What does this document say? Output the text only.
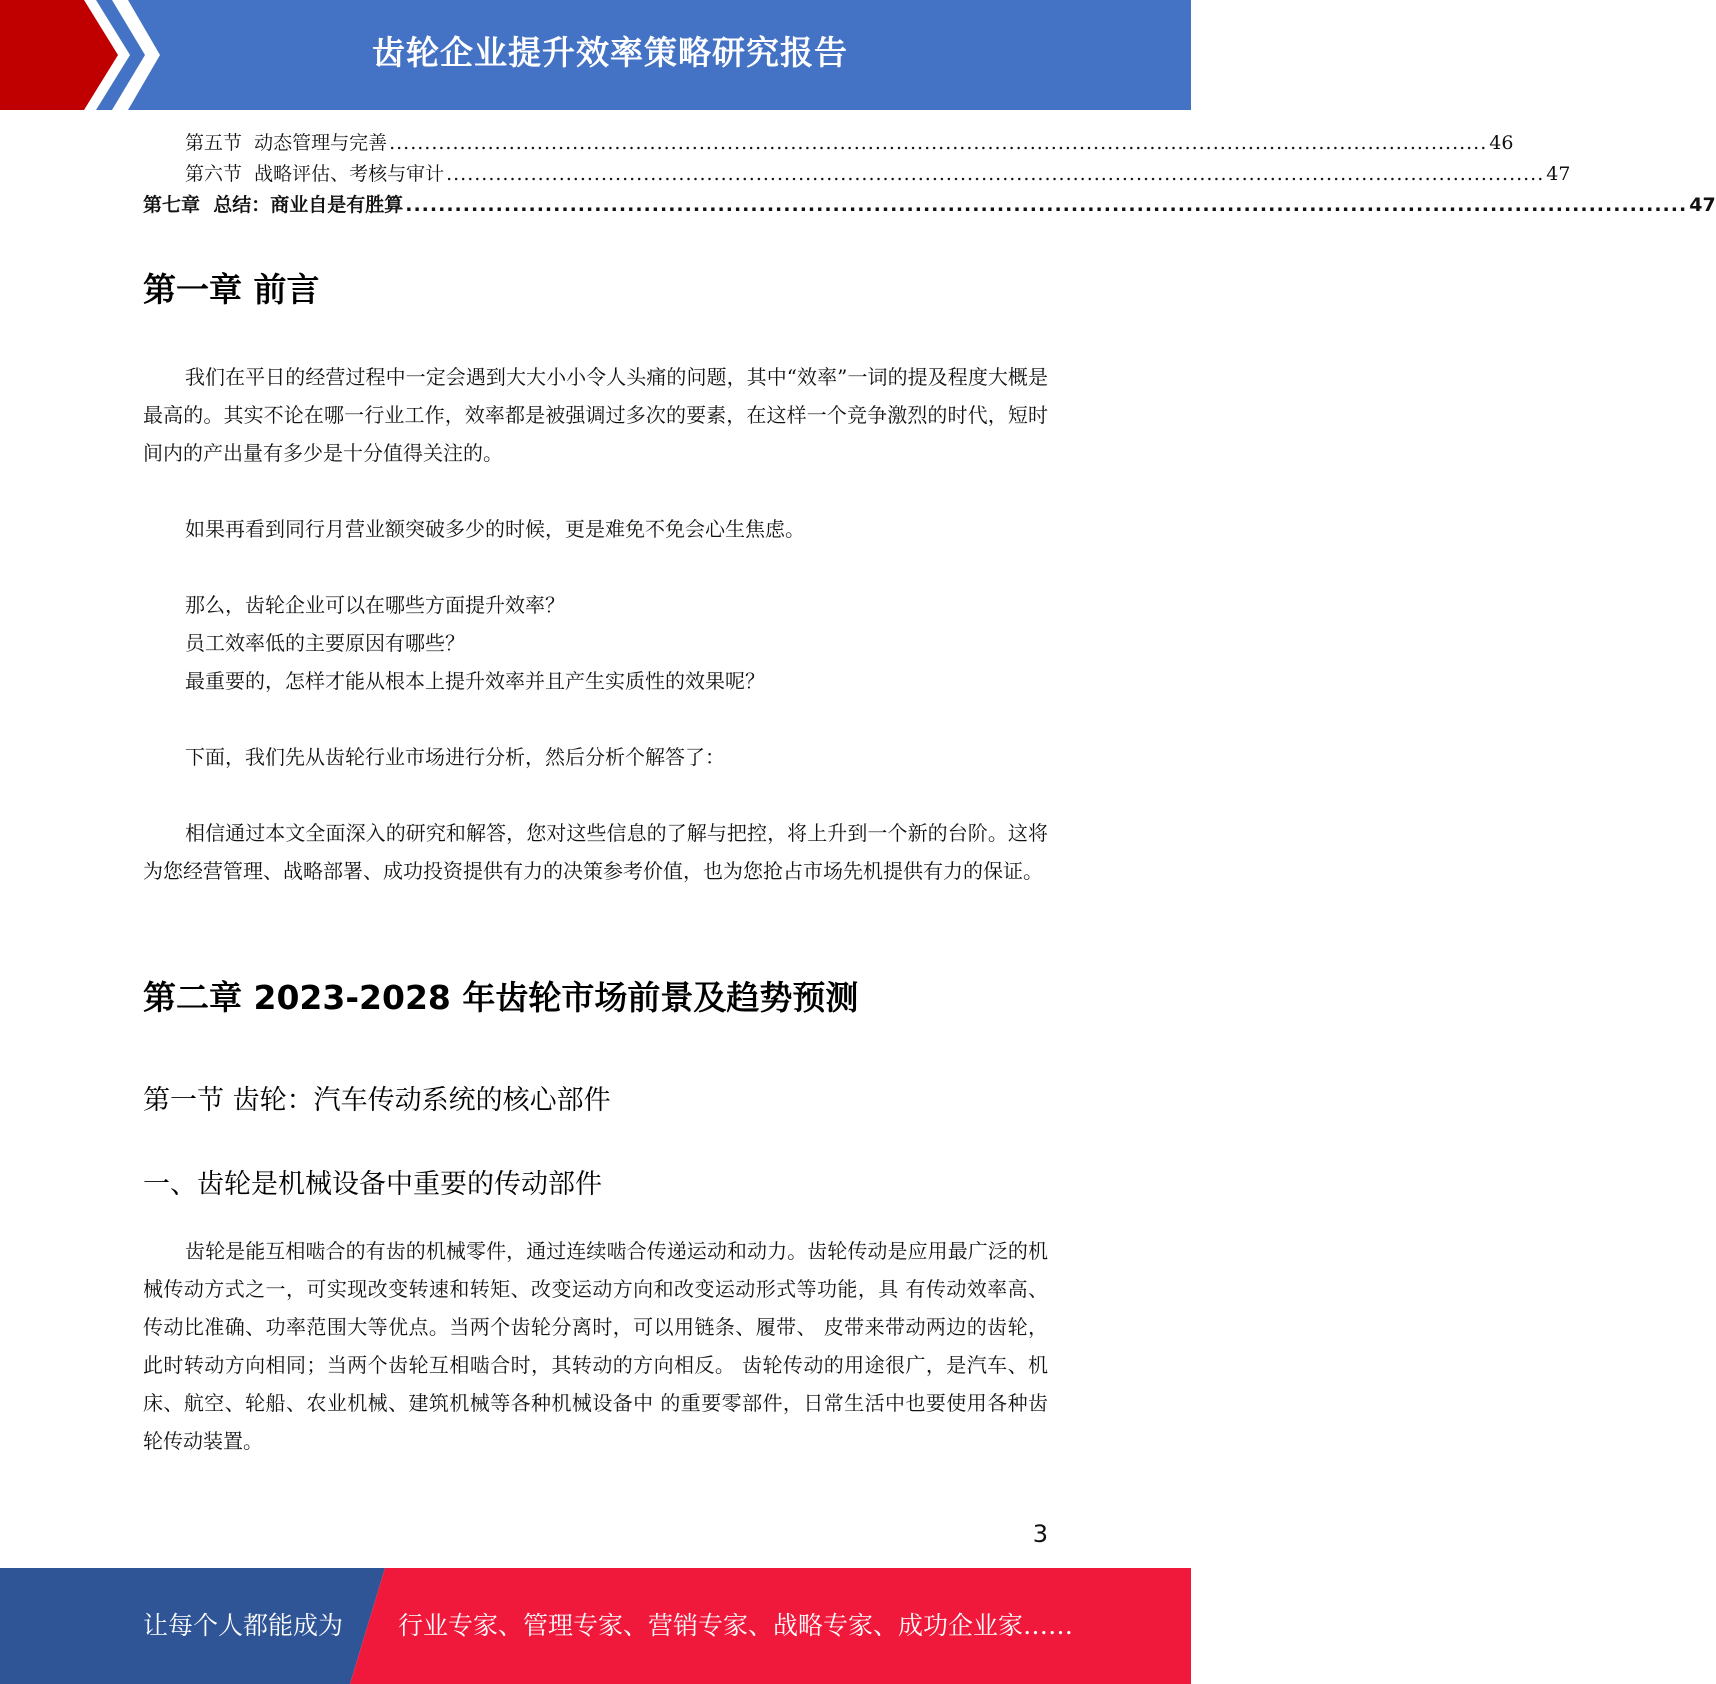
齿轮企业提升效率策略研究报告
第五节  动态管理与完善 ............................................................................................................................................................ 46
第六节  战略评估、考核与审计 ............................................................................................................................................................ 47
第七章  总结：商业自是有胜算 ............................................................................................................................................................ 47
第一章 前言

我们在平日的经营过程中一定会遇到大大小小令人头痛的问题，其中“效率”一词的提及程度大概是最高的。其实不论在哪一行业工作，效率都是被强调过多次的要素，在这样一个竞争激烈的时代，短时间内的产出量有多少是十分值得关注的。

如果再看到同行月营业额突破多少的时候，更是难免不免会心生焦虑。

那么，齿轮企业可以在哪些方面提升效率？

员工效率低的主要原因有哪些？

最重要的，怎样才能从根本上提升效率并且产生实质性的效果呢？

下面，我们先从齿轮行业市场进行分析，然后分析个解答了：

相信通过本文全面深入的研究和解答，您对这些信息的了解与把控，将上升到一个新的台阶。这将为您经营管理、战略部署、成功投资提供有力的决策参考价值，也为您抢占市场先机提供有力的保证。

第二章 2023-2028 年齿轮市场前景及趋势预测
第一节 齿轮：汽车传动系统的核心部件
一、齿轮是机械设备中重要的传动部件

齿轮是能互相啮合的有齿的机械零件，通过连续啮合传递运动和动力。齿轮传动是应用最广泛的机械传动方式之一，可实现改变转速和转矩、改变运动方向和改变运动形式等功能，具 有传动效率高、传动比准确、功率范围大等优点。当两个齿轮分离时，可以用链条、履带、 皮带来带动两边的齿轮，此时转动方向相同；当两个齿轮互相啮合时，其转动的方向相反。 齿轮传动的用途很广，是汽车、机床、航空、轮船、农业机械、建筑机械等各种机械设备中 的重要零部件，日常生活中也要使用各种齿轮传动装置。

3
让每个人都能成为 行业专家、管理专家、营销专家、战略专家、成功企业家……
